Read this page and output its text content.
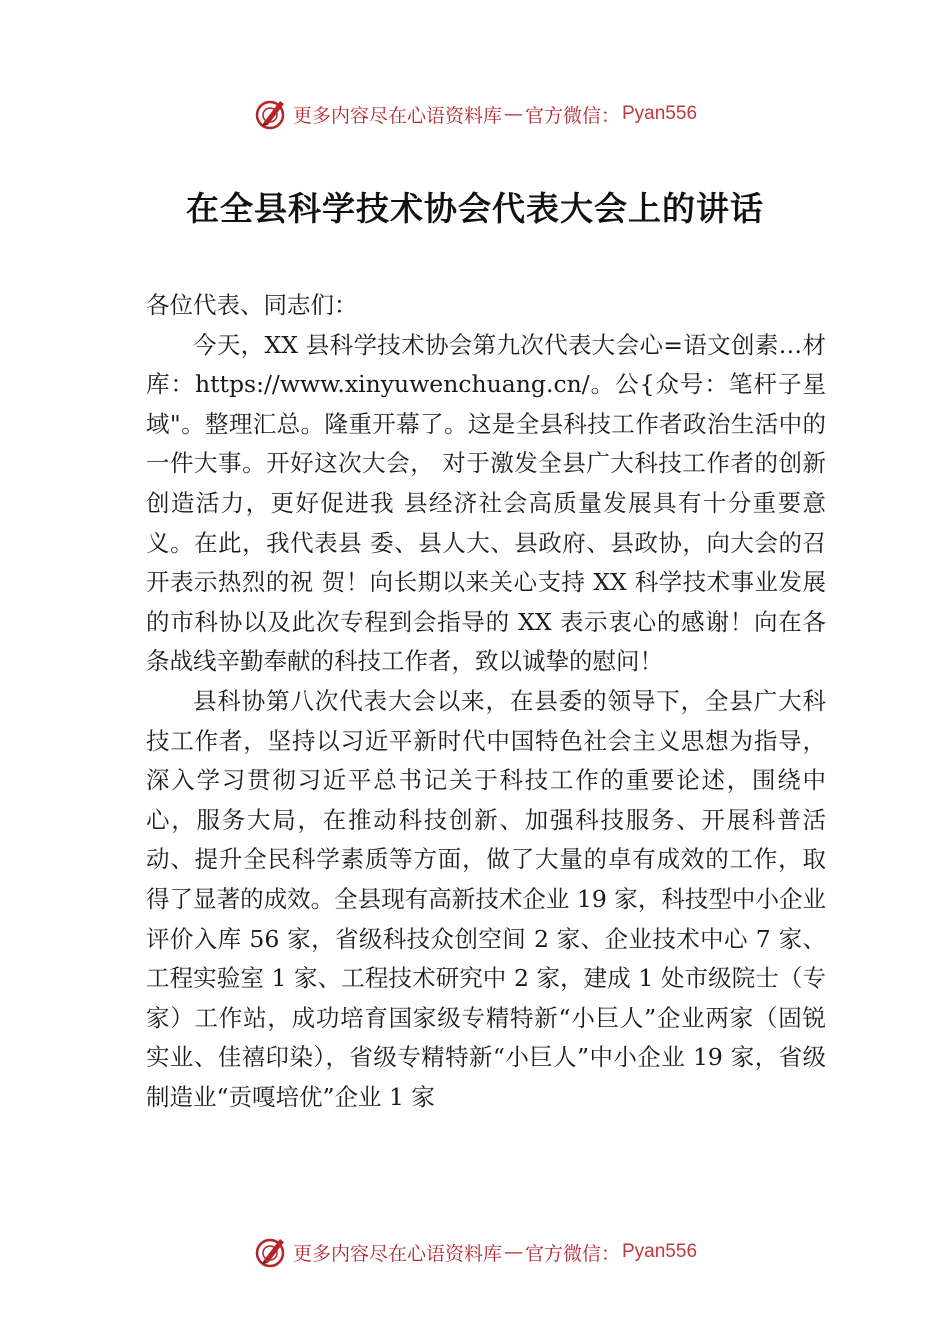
更多内容尽在心语资料库 — 官方微信： Pyan556
在全县科学技术协会代表大会上的讲话

各位代表、同志们：

今天，XX 县科学技术协会第九次代表大会心=语文创素…材库：https://www.xinyuwenchuang.cn/。公{众号：笔杆子星域"。整理汇总。隆重开幕了。这是全县科技工作者政治生活中的一件大事。开好这次大会， 对于激发全县广大科技工作者的创新创造活力，更好促进我 县经济社会高质量发展具有十分重要意义。在此，我代表县 委、县人大、县政府、县政协，向大会的召开表示热烈的祝 贺！向长期以来关心支持 XX 科学技术事业发展的市科协以及此次专程到会指导的 XX 表示衷心的感谢！向在各条战线辛勤奉献的科技工作者，致以诚挚的慰问！

县科协第八次代表大会以来，在县委的领导下，全县广大科技工作者，坚持以习近平新时代中国特色社会主义思想为指导，深入学习贯彻习近平总书记关于科技工作的重要论述，围绕中心，服务大局，在推动科技创新、加强科技服务、开展科普活动、提升全民科学素质等方面，做了大量的卓有成效的工作，取得了显著的成效。全县现有高新技术企业 19 家，科技型中小企业评价入库 56 家，省级科技众创空间 2 家、企业技术中心 7 家、工程实验室 1 家、工程技术研究中 2 家，建成 1 处市级院士（专家）工作站，成功培育国家级专精特新“小巨人”企业两家（固锐实业、佳禧印染），省级专精特新“小巨人”中小企业 19 家，省级制造业“贡嘎培优”企业 1 家

更多内容尽在心语资料库 — 官方微信： Pyan556
